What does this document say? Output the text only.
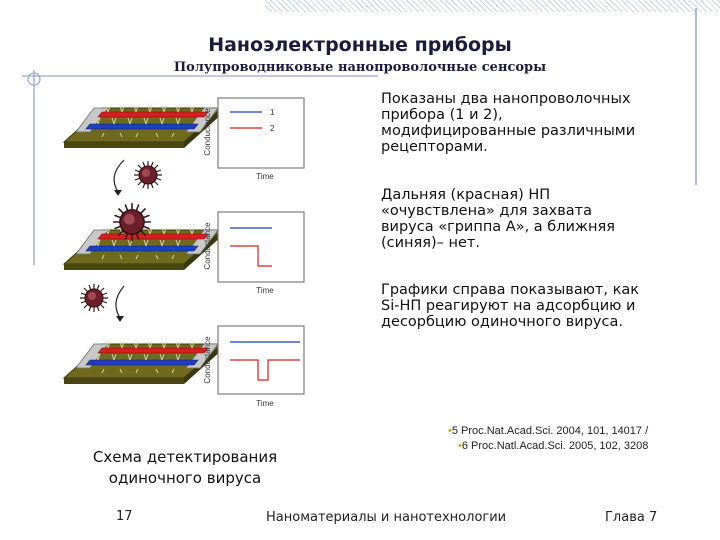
Наноэлектронные приборы
Полупроводниковые нанопроволочные сенсоры
Conductance
Conductance
Conductance
Time
Time
Time
1
2
Показаны два нанопроволочных
прибора (1 и 2),
модифицированные различными
рецепторами.
Дальняя (красная) НП
«очувствлена» для захвата
вируса «гриппа А», а ближняя
(синяя)– нет.
Графики справа показывают, как
Si-НП реагируют на адсорбцию и
десорбцию одиночного вируса.
•5 Proc.Nat.Acad.Sci. 2004, 101, 14017 /
•6 Proc.Natl.Acad.Sci. 2005, 102, 3208
Схема детектирования
одиночного вируса
17	Наноматериалы и нанотехнологии	Глава 7
